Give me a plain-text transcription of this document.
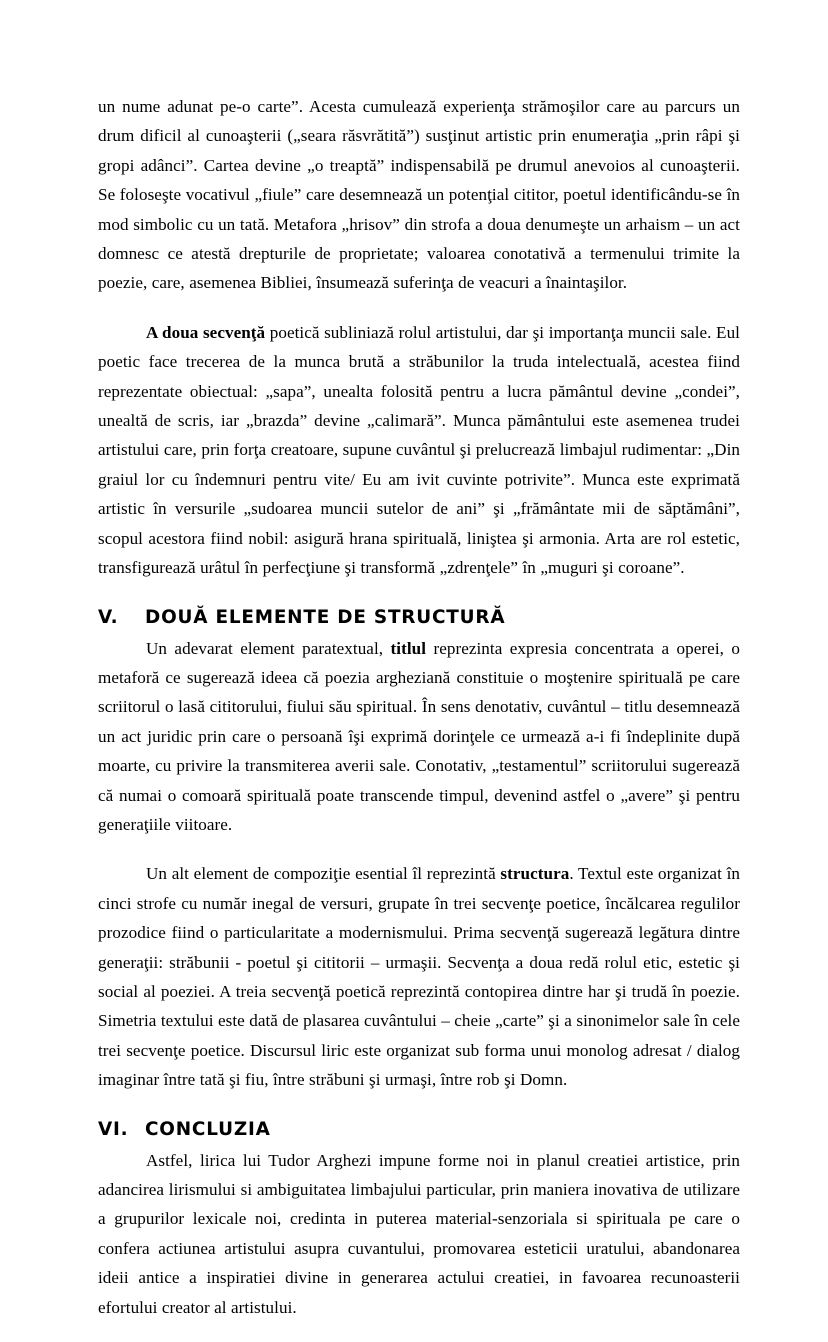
un nume adunat pe-o carte”. Acesta cumulează experienţa strămoşilor care au parcurs un drum dificil al cunoaşterii („seara răsvrătită”) susţinut artistic prin enumeraţia „prin râpi şi gropi adânci”. Cartea devine „o treaptă” indispensabilă pe drumul anevoios al cunoaşterii. Se foloseşte vocativul „fiule” care desemnează un potenţial cititor, poetul identificându-se în mod simbolic cu un tată. Metafora „hrisov” din strofa a doua denumeşte un arhaism – un act domnesc ce atestă drepturile de proprietate; valoarea conotativă a termenului trimite la poezie, care, asemenea Bibliei, însumează suferinţa de veacuri a înaintaşilor.

A doua secvenţă poetică subliniază rolul artistului, dar şi importanţa muncii sale. Eul poetic face trecerea de la munca brută a străbunilor la truda intelectuală, acestea fiind reprezentate obiectual: „sapa”, unealta folosită pentru a lucra pământul devine „condei”, unealtă de scris, iar „brazda” devine „calimară”. Munca pământului este asemenea trudei artistului care, prin forţa creatoare, supune cuvântul şi prelucrează limbajul rudimentar: „Din graiul lor cu îndemnuri pentru vite/ Eu am ivit cuvinte potrivite”. Munca este exprimată artistic în versurile „sudoarea muncii sutelor de ani” şi „frământate mii de săptămâni”, scopul acestora fiind nobil: asigură hrana spirituală, liniştea şi armonia. Arta are rol estetic, transfigurează urâtul în perfecţiune şi transformă „zdrenţele” în „muguri şi coroane”.

V. DOUĂ ELEMENTE DE STRUCTURĂ

Un adevarat element paratextual, titlul reprezinta expresia concentrata a operei, o metaforă ce sugerează ideea că poezia argheziană constituie o moştenire spirituală pe care scriitorul o lasă cititorului, fiului său spiritual. În sens denotativ, cuvântul – titlu desemnează un act juridic prin care o persoană îşi exprimă dorinţele ce urmează a-i fi îndeplinite după moarte, cu privire la transmiterea averii sale. Conotativ, „testamentul” scriitorului sugerează că numai o comoară spirituală poate transcende timpul, devenind astfel o „avere” şi pentru generaţiile viitoare.

Un alt element de compoziţie esential îl reprezintă structura. Textul este organizat în cinci strofe cu număr inegal de versuri, grupate în trei secvenţe poetice, încălcarea regulilor prozodice fiind o particularitate a modernismului. Prima secvenţă sugerează legătura dintre generaţii: străbunii - poetul şi cititorii – urmaşii. Secvenţa a doua redă rolul etic, estetic şi social al poeziei. A treia secvenţă poetică reprezintă contopirea dintre har şi trudă în poezie. Simetria textului este dată de plasarea cuvântului – cheie „carte” şi a sinonimelor sale în cele trei secvenţe poetice. Discursul liric este organizat sub forma unui monolog adresat / dialog imaginar între tată şi fiu, între străbuni şi urmaşi, între rob şi Domn.

VI. CONCLUZIA

Astfel, lirica lui Tudor Arghezi impune forme noi in planul creatiei artistice, prin adancirea lirismului si ambiguitatea limbajului particular, prin maniera inovativa de utilizare a grupurilor lexicale noi, credinta in puterea material-senzoriala si spirituala pe care o confera actiunea artistului asupra cuvantului, promovarea esteticii uratului, abandonarea ideii antice a inspiratiei divine in generarea actului creatiei, in favoarea recunoasterii efortului creator al artistului.
